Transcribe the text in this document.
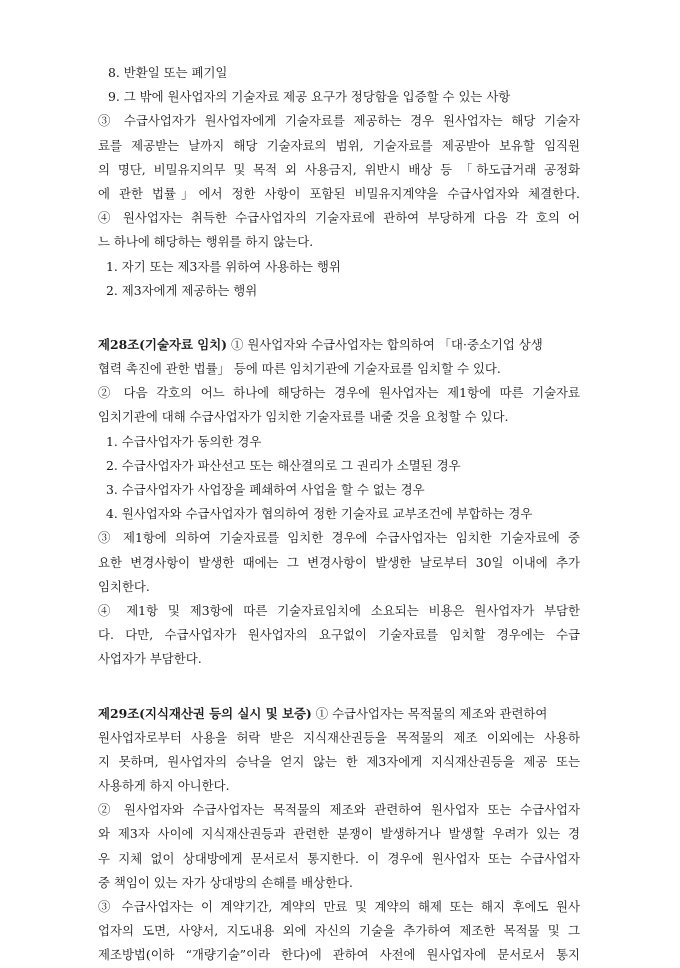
8. 반환일 또는 폐기일
9. 그 밖에 원사업자의 기술자료 제공 요구가 정당함을 입증할 수 있는 사항
③ 수급사업자가 원사업자에게 기술자료를 제공하는 경우 원사업자는 해당 기술자
료를 제공받는 날까지 해당 기술자료의 범위, 기술자료를 제공받아 보유할 임직원
의 명단, 비밀유지의무 및 목적 외 사용금지, 위반시 배상 등 「하도급거래 공정화
에 관한 법률」에서 정한 사항이 포함된 비밀유지계약을 수급사업자와 체결한다.
④ 원사업자는 취득한 수급사업자의 기술자료에 관하여 부당하게 다음 각 호의 어
느 하나에 해당하는 행위를 하지 않는다.
1. 자기 또는 제3자를 위하여 사용하는 행위
2. 제3자에게 제공하는 행위
제28조(기술자료 임치) ① 원사업자와 수급사업자는 합의하여 「대·중소기업 상생
협력 촉진에 관한 법률」 등에 따른 임치기관에 기술자료를 임치할 수 있다.
② 다음 각호의 어느 하나에 해당하는 경우에 원사업자는 제1항에 따른 기술자료
임치기관에 대해 수급사업자가 임치한 기술자료를 내줄 것을 요청할 수 있다.
1. 수급사업자가 동의한 경우
2. 수급사업자가 파산선고 또는 해산결의로 그 권리가 소멸된 경우
3. 수급사업자가 사업장을 폐쇄하여 사업을 할 수 없는 경우
4. 원사업자와 수급사업자가 협의하여 정한 기술자료 교부조건에 부합하는 경우
③ 제1항에 의하여 기술자료를 임치한 경우에 수급사업자는 임치한 기술자료에 중
요한 변경사항이 발생한 때에는 그 변경사항이 발생한 날로부터 30일 이내에 추가
임치한다.
④ 제1항 및 제3항에 따른 기술자료임치에 소요되는 비용은 원사업자가 부담한
다. 다만, 수급사업자가 원사업자의 요구없이 기술자료를 임치할 경우에는 수급
사업자가 부담한다.
제29조(지식재산권 등의 실시 및 보증) ① 수급사업자는 목적물의 제조와 관련하여
원사업자로부터 사용을 허락 받은 지식재산권등을 목적물의 제조 이외에는 사용하
지 못하며, 원사업자의 승낙을 얻지 않는 한 제3자에게 지식재산권등을 제공 또는
사용하게 하지 아니한다.
② 원사업자와 수급사업자는 목적물의 제조와 관련하여 원사업자 또는 수급사업자
와 제3자 사이에 지식재산권등과 관련한 분쟁이 발생하거나 발생할 우려가 있는 경
우 지체 없이 상대방에게 문서로서 통지한다. 이 경우에 원사업자 또는 수급사업자
중 책임이 있는 자가 상대방의 손해를 배상한다.
③ 수급사업자는 이 계약기간, 계약의 만료 및 계약의 해제 또는 해지 후에도 원사
업자의 도면, 사양서, 지도내용 외에 자신의 기술을 추가하여 제조한 목적물 및 그
제조방법(이하 “개량기술”이라 한다)에 관하여 사전에 원사업자에 문서로서 통지
